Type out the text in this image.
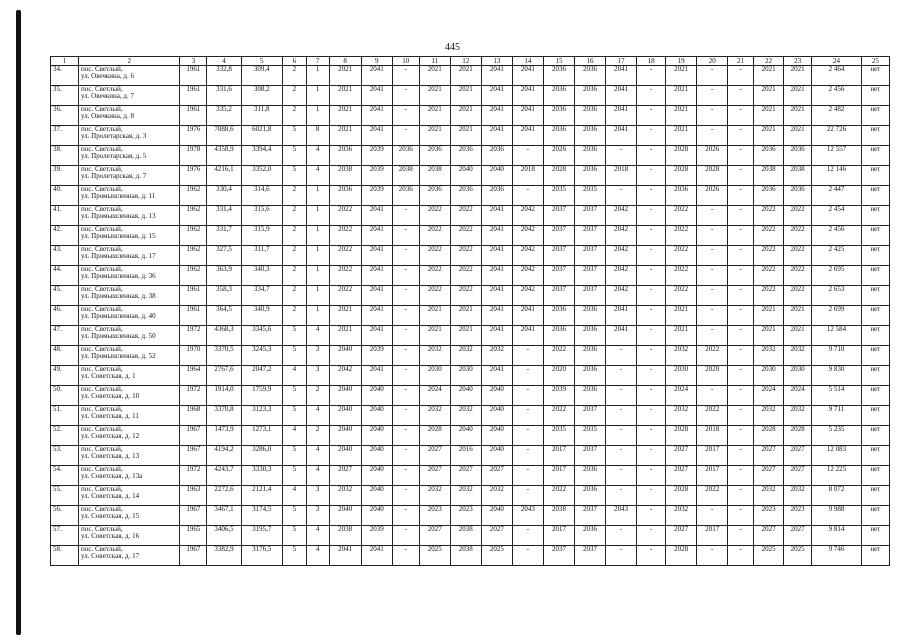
445
1	2	3	4	5	6	7	8	9	10	11	12	13	14	15	16	17	18	19	20	21	22	23	24	25
34.	пос. Светлый,
ул. Овечкина, д. 6	1961	332,8	309,4	2	1	2021	2041	-	2021	2021	2041	2041	2036	2036	2041	-	2021	-	-	2021	2021	2 464	нет
35.	пос. Светлый,
ул. Овечкина, д. 7	1961	331,6	308,2	2	1	2021	2041	-	2021	2021	2041	2041	2036	2036	2041	-	2021	-	-	2021	2021	2 456	нет
36.	пос. Светлый,
ул. Овечкина, д. 8	1961	335,2	311,8	2	1	2021	2041	-	2021	2021	2041	2041	2036	2036	2041	-	2021	-	-	2021	2021	2 482	нет
37.	пос. Светлый,
ул. Пролетарская, д. 3	1976	7888,6	6021,8	5	8	2021	2041	-	2021	2021	2041	2041	2036	2036	2041	-	2021	-	-	2021	2021	22 726	нет
38.	пос. Светлый,
ул. Пролетарская, д. 5	1978	4358,9	3394,4	5	4	2036	2039	2036	2036	2036	2036	-	2026	2036	-	-	2028	2026	-	2036	2036	12 557	нет
39.	пос. Светлый,
ул. Пролетарская, д. 7	1976	4216,1	3352,0	5	4	2038	2039	2038	2038	2040	2040	2018	2028	2036	2018	-	2028	2028	-	2038	2038	12 146	нет
40.	пос. Светлый,
ул. Промышленная, д. 11	1962	330,4	314,6	2	1	2036	2039	2036	2036	2036	2036	-	2035	2035	-	-	2036	2026	-	2036	2036	2 447	нет
41.	пос. Светлый,
ул. Промышленная, д. 13	1962	331,4	315,6	2	1	2022	2041	-	2022	2022	2041	2042	2037	2037	2042	-	2022	-	-	2022	2022	2 454	нет
42.	пос. Светлый,
ул. Промышленная, д. 15	1962	331,7	315,9	2	1	2022	2041	-	2022	2022	2041	2042	2037	2037	2042	-	2022	-	-	2022	2022	2 456	нет
43.	пос. Светлый,
ул. Промышленная, д. 17	1962	327,5	311,7	2	1	2022	2041	-	2022	2022	2041	2042	2037	2037	2042	-	2022	-	-	2022	2022	2 425	нет
44.	пос. Светлый,
ул. Промышленная, д. 36	1962	363,9	340,3	2	1	2022	2041	-	2022	2022	2041	2042	2037	2037	2042	-	2022	-	-	2022	2022	2 695	нет
45.	пос. Светлый,
ул. Промышленная, д. 38	1961	358,3	334,7	2	1	2022	2041	-	2022	2022	2041	2042	2037	2037	2042	-	2022	-	-	2022	2022	2 653	нет
46.	пос. Светлый,
ул. Промышленная, д. 40	1961	364,5	340,9	2	1	2021	2041	-	2021	2021	2041	2041	2036	2036	2041	-	2021	-	-	2021	2021	2 699	нет
47.	пос. Светлый,
ул. Промышленная, д. 50	1972	4368,3	3345,6	5	4	2021	2041	-	2021	2021	2041	2041	2036	2036	2041	-	2021	-	-	2021	2021	12 584	нет
48.	пос. Светлый,
ул. Промышленная, д. 52	1970	3370,5	3245,3	5	3	2040	2039	-	2032	2032	2032	-	2022	2036	-	-	2032	2022	-	2032	2032	9 710	нет
49.	пос. Светлый,
ул. Советская, д. 1	1964	2767,6	2047,2	4	3	2042	2041	-	2030	2030	2041	-	2020	2036	-	-	2030	2020	-	2030	2030	9 830	нет
50.	пос. Светлый,
ул. Советская, д. 10	1972	1914,0	1759,9	5	2	2040	2040	-	2024	2040	2040	-	2039	2036	-	-	2024	-	-	2024	2024	5 514	нет
51.	пос. Светлый,
ул. Советская, д. 11	1968	3370,8	3123,3	5	4	2040	2040	-	2032	2032	2040	-	2022	2037	-	-	2032	2022	-	2032	2032	9 711	нет
52.	пос. Светлый,
ул. Советская, д. 12	1967	1473,9	1273,1	4	2	2040	2040	-	2028	2040	2040	-	2035	2035	-	-	2028	2018	-	2028	2028	5 235	нет
53.	пос. Светлый,
ул. Советская, д. 13	1967	4194,2	3286,0	5	4	2040	2040	-	2027	2016	2040	-	2017	2037	-	-	2027	2017	-	2027	2027	12 083	нет
54.	пос. Светлый,
ул. Советская, д. 13а	1972	4243,7	3330,3	5	4	2027	2040	-	2027	2027	2027	-	2017	2036	-	-	2027	2017	-	2027	2027	12 225	нет
55.	пос. Светлый,
ул. Советская, д. 14	1963	2272,6	2121,4	4	3	2032	2040	-	2032	2032	2032	-	2022	2036	-	-	2028	2022	-	2032	2032	8 072	нет
56.	пос. Светлый,
ул. Советская, д. 15	1967	3467,1	3174,5	5	3	2040	2040	-	2023	2023	2040	2043	2038	2037	2043	-	2032	-	-	2023	2023	9 988	нет
57.	пос. Светлый,
ул. Советская, д. 16	1965	3406,5	3195,7	5	4	2038	2039	-	2027	2038	2027	-	2017	2036	-	-	2027	2017	-	2027	2027	9 814	нет
58.	пос. Светлый,
ул. Советская, д. 17	1967	3382,9	3176,5	5	4	2041	2041	-	2025	2038	2025	-	2037	2037	-	-	2028	-	-	2025	2025	9 746	нет
